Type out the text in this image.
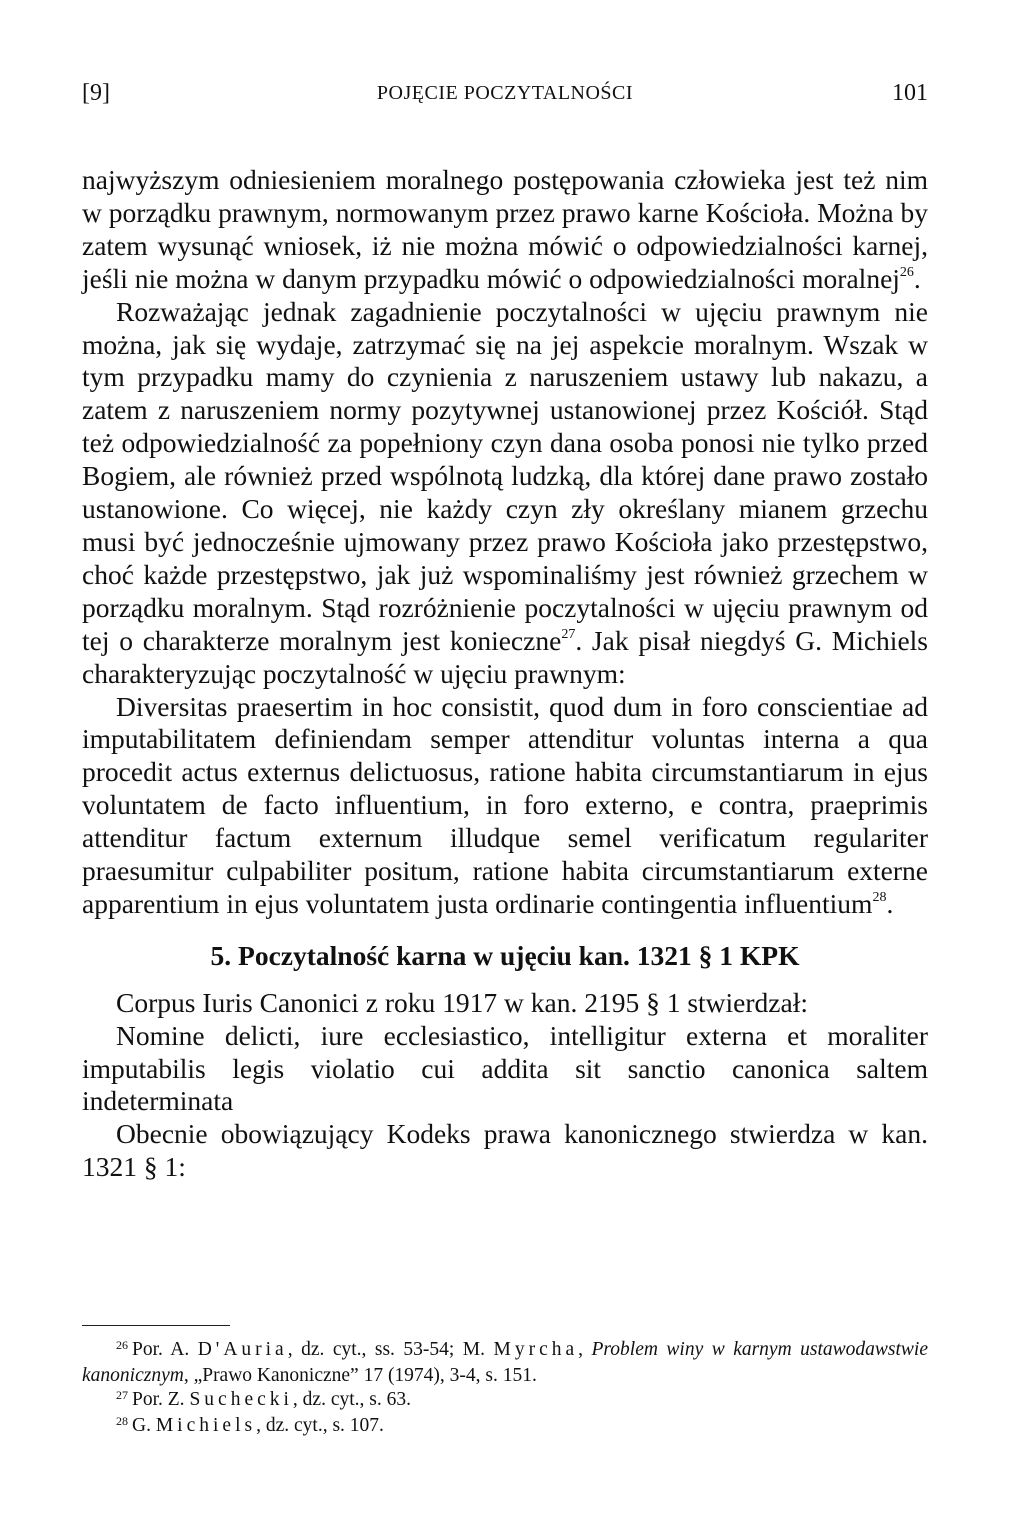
[9]	POJĘCIE POCZYTALNOŚCI	101

najwyższym odniesieniem moralnego postępowania człowieka jest też nim w porządku prawnym, normowanym przez prawo karne Kościoła. Można by zatem wysunąć wniosek, iż nie można mówić o odpowiedzialności karnej, jeśli nie można w danym przypadku mówić o odpowiedzialności moralnej$^{26}$.

Rozważając jednak zagadnienie poczytalności w ujęciu prawnym nie można, jak się wydaje, zatrzymać się na jej aspekcie moralnym. Wszak w tym przypadku mamy do czynienia z naruszeniem ustawy lub nakazu, a zatem z naruszeniem normy pozytywnej ustanowionej przez Kościół. Stąd też odpowiedzialność za popełniony czyn dana osoba ponosi nie tylko przed Bogiem, ale również przed wspólnotą ludzką, dla której dane prawo zostało ustanowione. Co więcej, nie każdy czyn zły określany mianem grzechu musi być jednocześnie ujmowany przez prawo Kościoła jako przestępstwo, choć każde przestępstwo, jak już wspominaliśmy jest również grzechem w porządku moralnym. Stąd rozróżnienie poczytalności w ujęciu prawnym od tej o charakterze moralnym jest konieczne$^{27}$. Jak pisał niegdyś G. Michiels charakteryzując poczytalność w ujęciu prawnym:

Diversitas praesertim in hoc consistit, quod dum in foro conscientiae ad imputabilitatem definiendam semper attenditur voluntas interna a qua procedit actus externus delictuosus, ratione habita circumstantiarum in ejus voluntatem de facto influentium, in foro externo, e contra, praeprimis attenditur factum externum illudque semel verificatum regulariter praesumitur culpabiliter positum, ratione habita circumstantiarum externe apparentium in ejus voluntatem justa ordinarie contingentia influentium$^{28}$.

5. Poczytalność karna w ujęciu kan. 1321 § 1 KPK

Corpus Iuris Canonici z roku 1917 w kan. 2195 § 1 stwierdzał:

Nomine delicti, iure ecclesiastico, intelligitur externa et moraliter imputabilis legis violatio cui addita sit sanctio canonica saltem indeterminata

Obecnie obowiązujący Kodeks prawa kanonicznego stwierdza w kan. 1321 § 1:

$^{26}$ Por. A. D'Auria, dz. cyt., ss. 53-54; M. Myrcha, Problem winy w karnym ustawodawstwie kanonicznym, „Prawo Kanoniczne” 17 (1974), 3-4, s. 151.

$^{27}$ Por. Z. Suchecki, dz. cyt., s. 63.

$^{28}$ G. Michiels, dz. cyt., s. 107.
